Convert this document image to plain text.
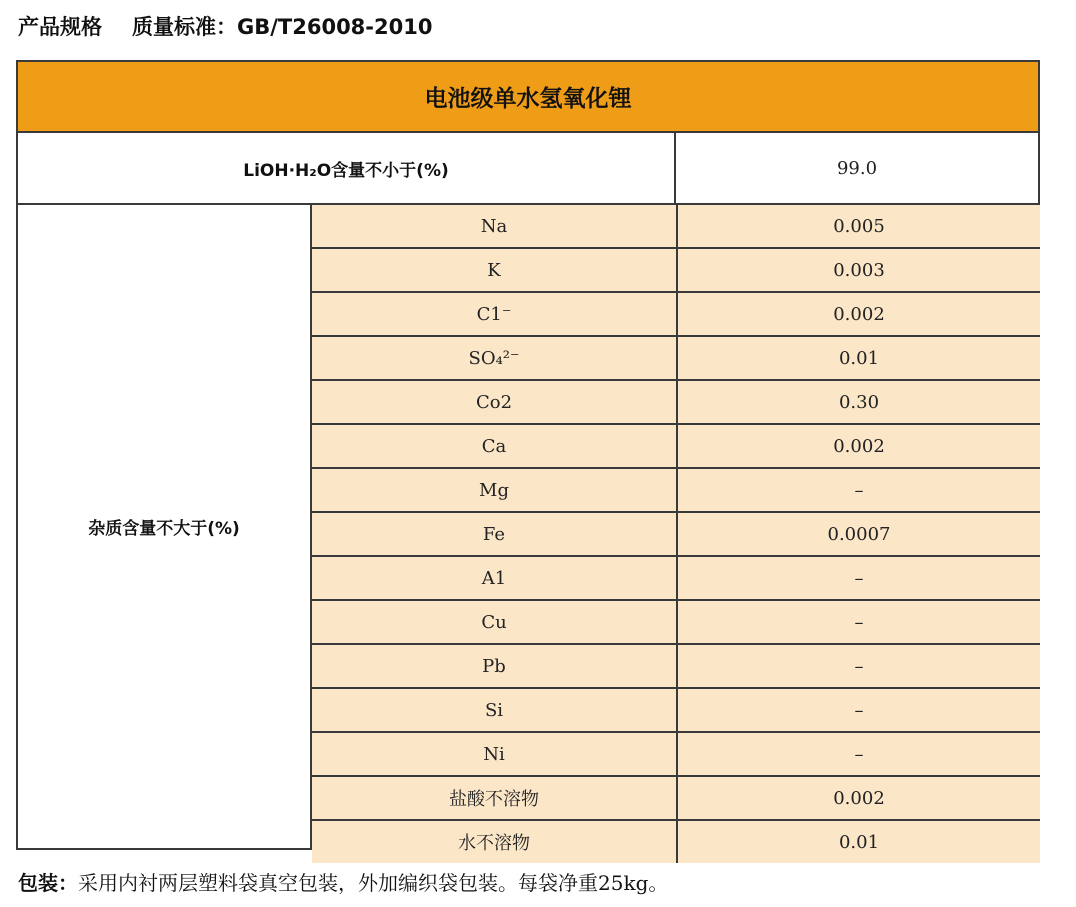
产品规格 质量标准：GB/T26008-2010
电池级单水氢氧化锂
LiOH·H₂O含量不小于(%)	99.0
杂质含量不大于(%)
Na	0.005
K	0.003
C1⁻	0.002
SO₄²⁻	0.01
Co2	0.30
Ca	0.002
Mg	–
Fe	0.0007
A1	–
Cu	–
Pb	–
Si	–
Ni	–
盐酸不溶物	0.002
水不溶物	0.01
包装：采用内衬两层塑料袋真空包装，外加编织袋包装。每袋净重25kg。
